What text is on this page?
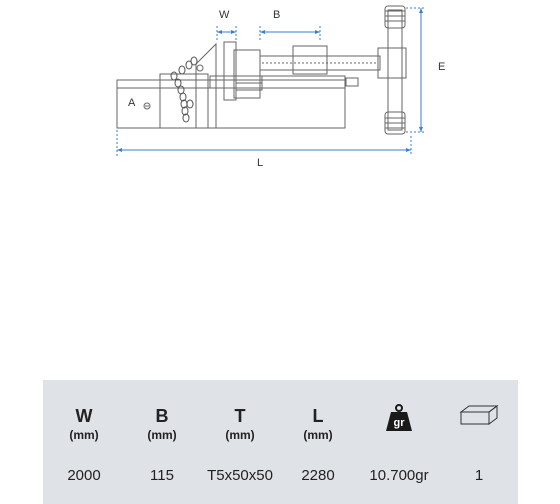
W	B
A
E
L
W
(mm)
2000
B
(mm)
115
T
(mm)
T5x50x50
L
(mm)
2280
gr
10.700gr	1
